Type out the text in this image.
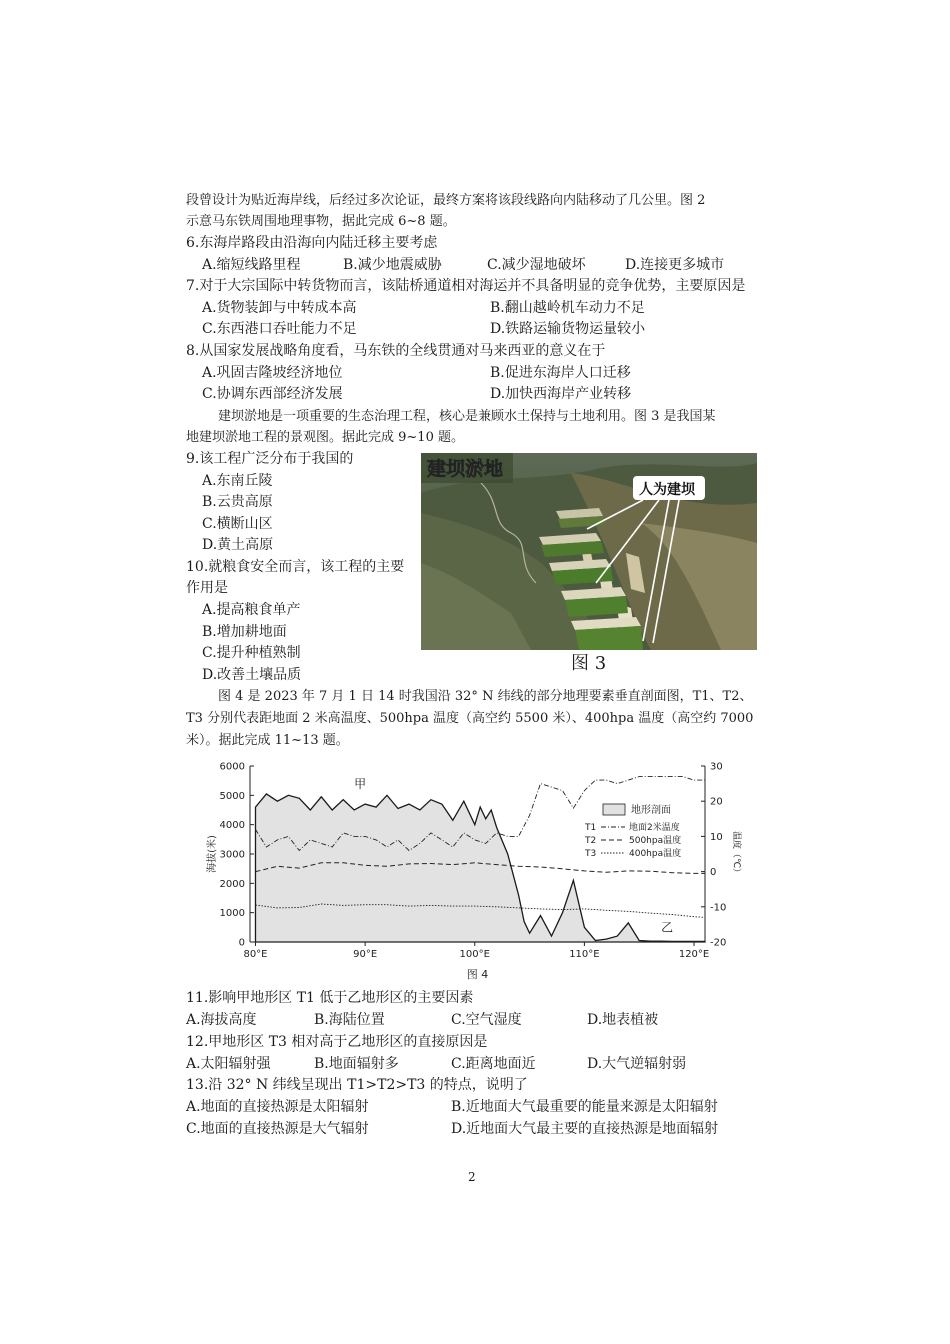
段曾设计为贴近海岸线，后经过多次论证，最终方案将该段线路向内陆移动了几公里。图 2
示意马东铁周围地理事物，据此完成 6~8 题。
6.东海岸路段由沿海向内陆迁移主要考虑
A.缩短线路里程	B.减少地震威胁	C.减少湿地破坏	D.连接更多城市
7.对于大宗国际中转货物而言，该陆桥通道相对海运并不具备明显的竞争优势，主要原因是
A.货物装卸与中转成本高	B.翻山越岭机车动力不足
C.东西港口吞吐能力不足	D.铁路运输货物运量较小
8.从国家发展战略角度看，马东铁的全线贯通对马来西亚的意义在于
A.巩固吉隆坡经济地位	B.促进东海岸人口迁移
C.协调东西部经济发展	D.加快西海岸产业转移
建坝淤地是一项重要的生态治理工程，核心是兼顾水土保持与土地利用。图 3 是我国某
地建坝淤地工程的景观图。据此完成 9~10 题。
9.该工程广泛分布于我国的
A.东南丘陵
B.云贵高原
C.横断山区
D.黄土高原
10.就粮食安全而言，该工程的主要
作用是
A.提高粮食单产
B.增加耕地面
C.提升种植熟制
D.改善土壤品质
建坝淤地
人为建坝
图 3
图 4 是 2023 年 7 月 1 日 14 时我国沿 32° N 纬线的部分地理要素垂直剖面图，T1、T2、
T3 分别代表距地面 2 米高温度、500hpa 温度（高空约 5500 米）、400hpa 温度（高空约 7000
米）。据此完成 11~13 题。
0
1000
2000
3000
4000
5000
6000
-20
-10
0
10
20
30
80°E	90°E	100°E	110°E	120°E
海拔(米)	温度（℃）
甲
乙
地形剖面
T1	地面2米温度
T2	500hpa温度
T3	400hpa温度
图 4
11.影响甲地形区 T1 低于乙地形区的主要因素
A.海拔高度	B.海陆位置	C.空气湿度	D.地表植被
12.甲地形区 T3 相对高于乙地形区的直接原因是
A.太阳辐射强	B.地面辐射多	C.距离地面近	D.大气逆辐射弱
13.沿 32° N 纬线呈现出 T1>T2>T3 的特点，说明了
A.地面的直接热源是太阳辐射	B.近地面大气最重要的能量来源是太阳辐射
C.地面的直接热源是大气辐射	D.近地面大气最主要的直接热源是地面辐射
2
